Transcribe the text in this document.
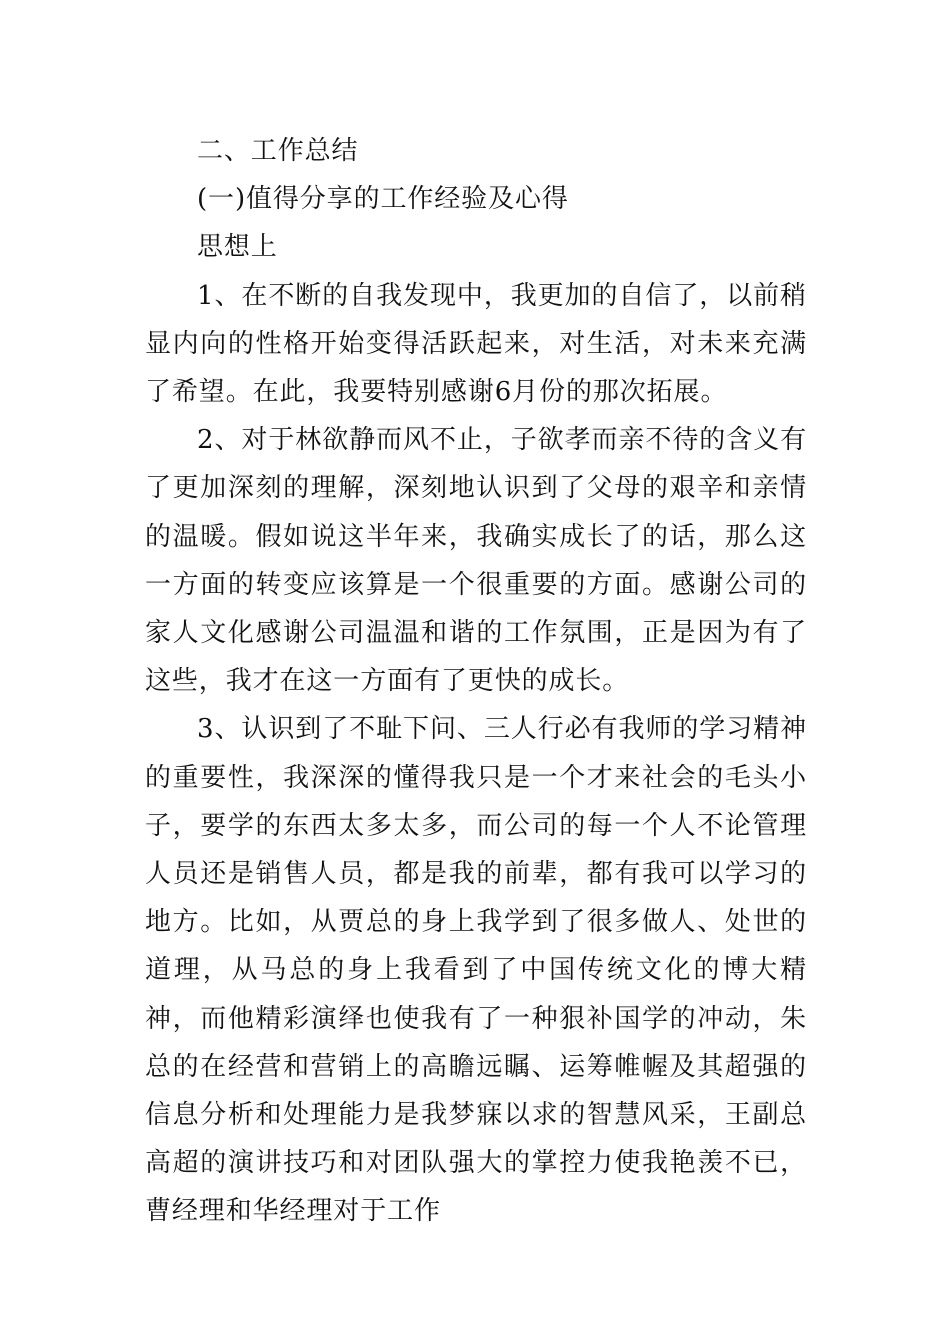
二、工作总结

(一)值得分享的工作经验及心得

思想上

1、在不断的自我发现中，我更加的自信了，以前稍显内向的性格开始变得活跃起来，对生活，对未来充满了希望。在此，我要特别感谢6月份的那次拓展。

2、对于林欲静而风不止，子欲孝而亲不待的含义有了更加深刻的理解，深刻地认识到了父母的艰辛和亲情的温暖。假如说这半年来，我确实成长了的话，那么这一方面的转变应该算是一个很重要的方面。感谢公司的家人文化感谢公司温温和谐的工作氛围，正是因为有了这些，我才在这一方面有了更快的成长。

3、认识到了不耻下问、三人行必有我师的学习精神的重要性，我深深的懂得我只是一个才来社会的毛头小子，要学的东西太多太多，而公司的每一个人不论管理人员还是销售人员，都是我的前辈，都有我可以学习的地方。比如，从贾总的身上我学到了很多做人、处世的道理，从马总的身上我看到了中国传统文化的博大精神，而他精彩演绎也使我有了一种狠补国学的冲动，朱总的在经营和营销上的高瞻远瞩、运筹帷幄及其超强的信息分析和处理能力是我梦寐以求的智慧风采，王副总高超的演讲技巧和对团队强大的掌控力使我艳羡不已，曹经理和华经理对于工作
